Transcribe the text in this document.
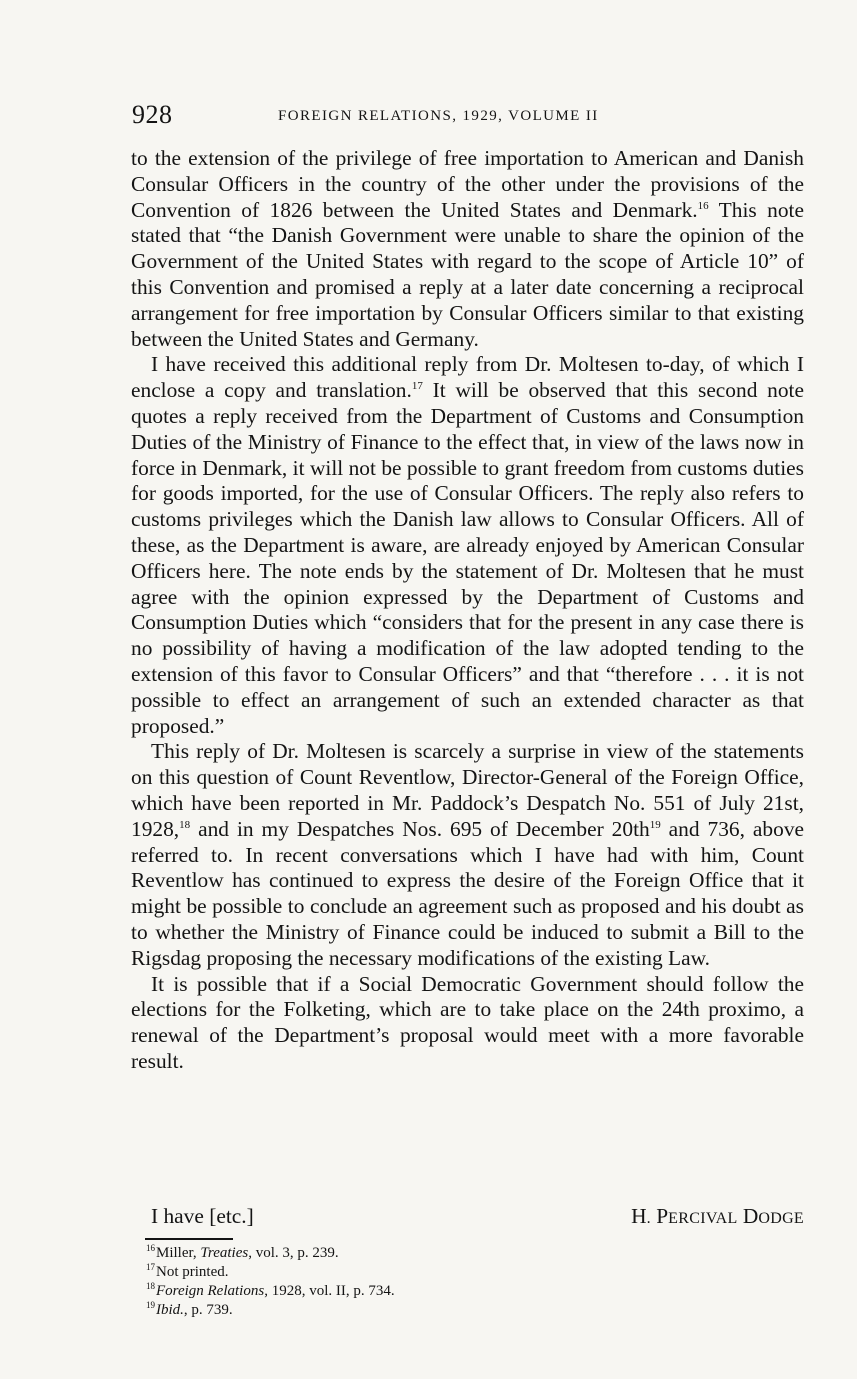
928	FOREIGN RELATIONS, 1929, VOLUME II

to the extension of the privilege of free importation to American and Danish Consular Officers in the country of the other under the provisions of the Convention of 1826 between the United States and Denmark.$^{16}$ This note stated that “the Danish Government were unable to share the opinion of the Government of the United States with regard to the scope of Article 10” of this Convention and promised a reply at a later date concerning a reciprocal arrangement for free importation by Consular Officers similar to that existing between the United States and Germany.

I have received this additional reply from Dr. Moltesen to-day, of which I enclose a copy and translation.$^{17}$ It will be observed that this second note quotes a reply received from the Department of Customs and Consumption Duties of the Ministry of Finance to the effect that, in view of the laws now in force in Denmark, it will not be possible to grant freedom from customs duties for goods imported, for the use of Consular Officers. The reply also refers to customs privileges which the Danish law allows to Consular Officers. All of these, as the Department is aware, are already enjoyed by American Consular Officers here. The note ends by the statement of Dr. Moltesen that he must agree with the opinion expressed by the Department of Customs and Consumption Duties which “considers that for the present in any case there is no possibility of having a modification of the law adopted tending to the extension of this favor to Consular Officers” and that “therefore . . . it is not possible to effect an arrangement of such an extended character as that proposed.”

This reply of Dr. Moltesen is scarcely a surprise in view of the statements on this question of Count Reventlow, Director-General of the Foreign Office, which have been reported in Mr. Paddock’s Despatch No. 551 of July 21st, 1928,18 and in my Despatches Nos. 695 of December $20th^{19}$ and 736, above referred to. In recent conversations which I have had with him, Count Reventlow has continued to express the desire of the Foreign Office that it might be possible to conclude an agreement such as proposed and his doubt as to whether the Ministry of Finance could be induced to submit a Bill to the Rigsdag proposing the necessary modifications of the existing Law.

It is possible that if a Social Democratic Government should follow the elections for the Folketing, which are to take place on the 24th proximo, a renewal of the Department’s proposal would meet with a more favorable result.

I have [etc.]	H. PERCIVAL DODGE
$^{16}$Miller, Treaties, vol. 3, p. 239.
$^{17}$Not printed.
$^{18}$Foreign Relations, 1928, vol. II, p. 734.
$^{19}$Ibid., p. 739.
